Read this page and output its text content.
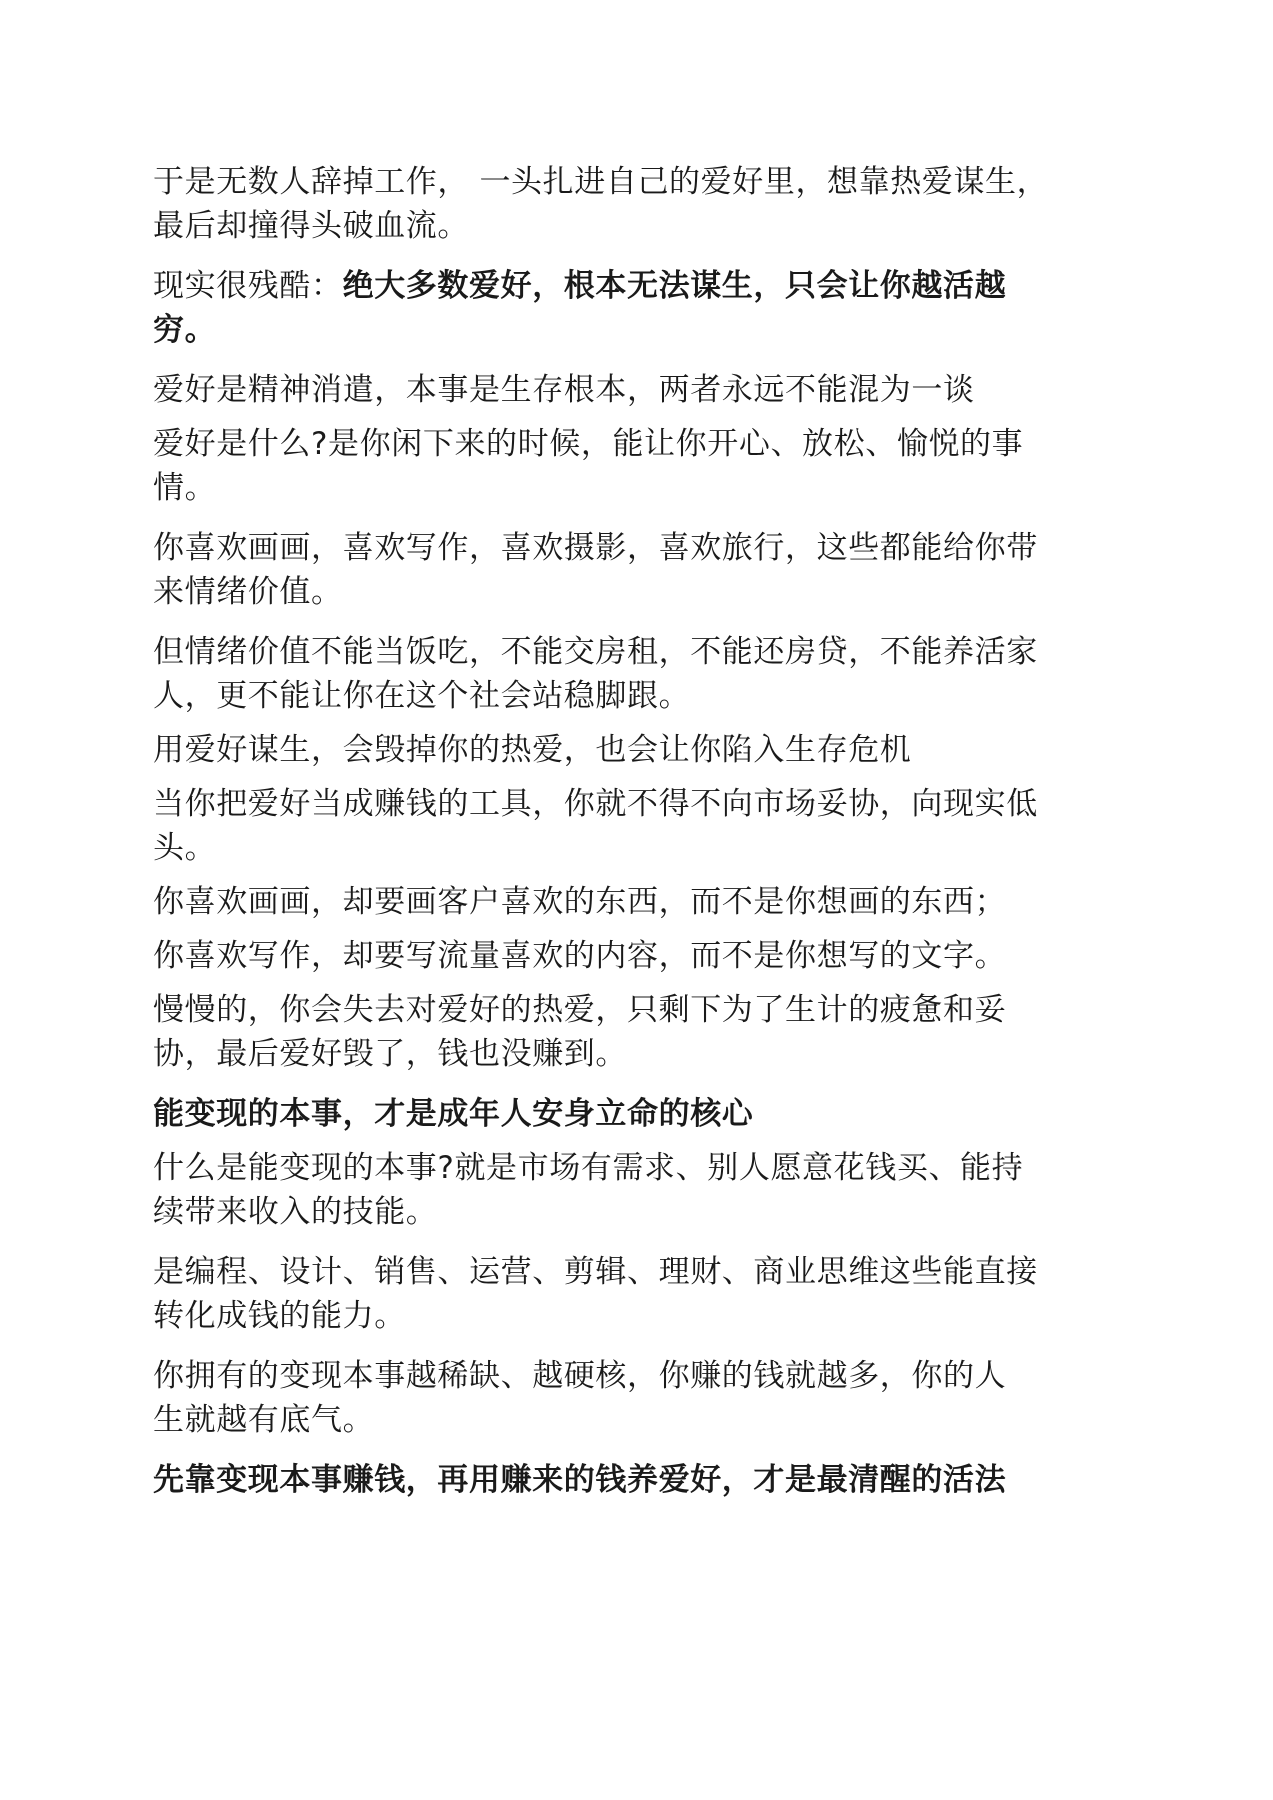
于是无数人辞掉工作， 一头扎进自己的爱好里，想靠热爱谋生，
最后却撞得头破血流。
现实很残酷：绝大多数爱好，根本无法谋生，只会让你越活越
穷。
爱好是精神消遣，本事是生存根本，两者永远不能混为一谈
爱好是什么?是你闲下来的时候，能让你开心、放松、愉悦的事
情。
你喜欢画画，喜欢写作，喜欢摄影，喜欢旅行，这些都能给你带
来情绪价值。
但情绪价值不能当饭吃，不能交房租，不能还房贷，不能养活家
人，更不能让你在这个社会站稳脚跟。
用爱好谋生，会毁掉你的热爱，也会让你陷入生存危机
当你把爱好当成赚钱的工具，你就不得不向市场妥协，向现实低
头。
你喜欢画画，却要画客户喜欢的东西，而不是你想画的东西；
你喜欢写作，却要写流量喜欢的内容，而不是你想写的文字。
慢慢的，你会失去对爱好的热爱，只剩下为了生计的疲惫和妥
协，最后爱好毁了，钱也没赚到。
能变现的本事，才是成年人安身立命的核心
什么是能变现的本事?就是市场有需求、别人愿意花钱买、能持
续带来收入的技能。
是编程、设计、销售、运营、剪辑、理财、商业思维这些能直接
转化成钱的能力。
你拥有的变现本事越稀缺、越硬核，你赚的钱就越多，你的人
生就越有底气。
先靠变现本事赚钱，再用赚来的钱养爱好，才是最清醒的活法
